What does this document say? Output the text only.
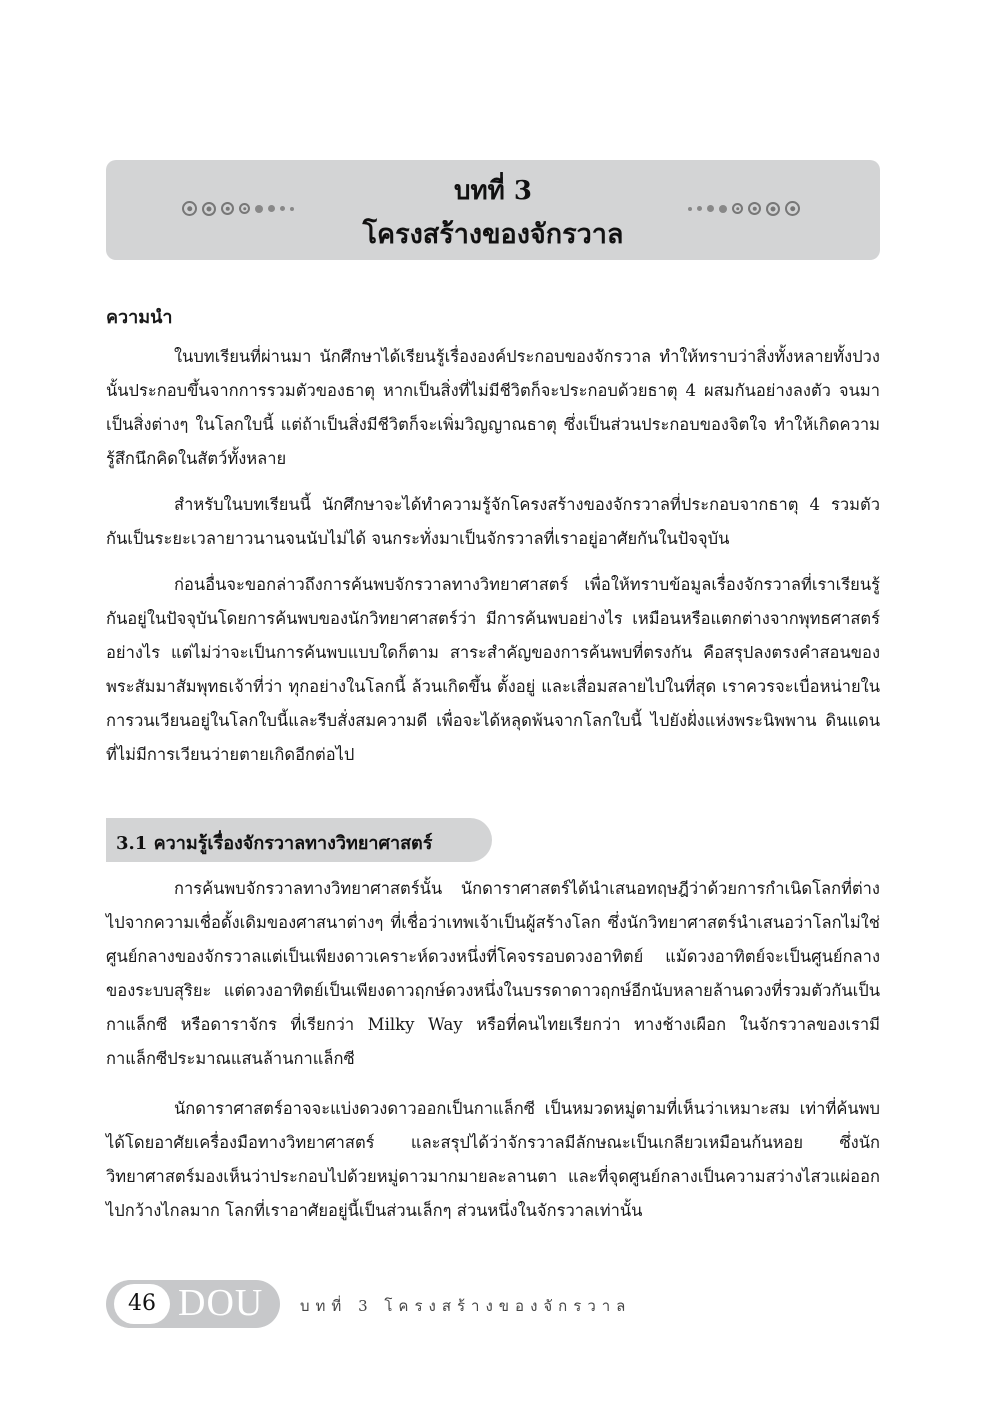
บทที่ 3
โครงสร้างของจักรวาล
ความนำ

ในบทเรียนที่ผ่านมา นักศึกษาได้เรียนรู้เรื่ององค์ประกอบของจักรวาล ทำให้ทราบว่าสิ่งทั้งหลายทั้งปวงนั้นประกอบขึ้นจากการรวมตัวของธาตุ หากเป็นสิ่งที่ไม่มีชีวิตก็จะประกอบด้วยธาตุ 4 ผสมกันอย่างลงตัว จนมาเป็นสิ่งต่างๆ ในโลกใบนี้ แต่ถ้าเป็นสิ่งมีชีวิตก็จะเพิ่มวิญญาณธาตุ ซึ่งเป็นส่วนประกอบของจิตใจ ทำให้เกิดความรู้สึกนึกคิดในสัตว์ทั้งหลาย

สำหรับในบทเรียนนี้ นักศึกษาจะได้ทำความรู้จักโครงสร้างของจักรวาลที่ประกอบจากธาตุ 4 รวมตัวกันเป็นระยะเวลายาวนานจนนับไม่ได้ จนกระทั่งมาเป็นจักรวาลที่เราอยู่อาศัยกันในปัจจุบัน

ก่อนอื่นจะขอกล่าวถึงการค้นพบจักรวาลทางวิทยาศาสตร์ เพื่อให้ทราบข้อมูลเรื่องจักรวาลที่เราเรียนรู้กันอยู่ในปัจจุบันโดยการค้นพบของนักวิทยาศาสตร์ว่า มีการค้นพบอย่างไร เหมือนหรือแตกต่างจากพุทธศาสตร์อย่างไร แต่ไม่ว่าจะเป็นการค้นพบแบบใดก็ตาม สาระสำคัญของการค้นพบที่ตรงกัน คือสรุปลงตรงคำสอนของพระสัมมาสัมพุทธเจ้าที่ว่า ทุกอย่างในโลกนี้ ล้วนเกิดขึ้น ตั้งอยู่ และเสื่อมสลายไปในที่สุด เราควรจะเบื่อหน่ายในการวนเวียนอยู่ในโลกใบนี้และรีบสั่งสมความดี เพื่อจะได้หลุดพ้นจากโลกใบนี้ ไปยังฝั่งแห่งพระนิพพาน ดินแดนที่ไม่มีการเวียนว่ายตายเกิดอีกต่อไป

3.1 ความรู้เรื่องจักรวาลทางวิทยาศาสตร์

การค้นพบจักรวาลทางวิทยาศาสตร์นั้น นักดาราศาสตร์ได้นำเสนอทฤษฎีว่าด้วยการกำเนิดโลกที่ต่างไปจากความเชื่อดั้งเดิมของศาสนาต่างๆ ที่เชื่อว่าเทพเจ้าเป็นผู้สร้างโลก ซึ่งนักวิทยาศาสตร์นำเสนอว่าโลกไม่ใช่ศูนย์กลางของจักรวาลแต่เป็นเพียงดาวเคราะห์ดวงหนึ่งที่โคจรรอบดวงอาทิตย์ แม้ดวงอาทิตย์จะเป็นศูนย์กลางของระบบสุริยะ แต่ดวงอาทิตย์เป็นเพียงดาวฤกษ์ดวงหนึ่งในบรรดาดาวฤกษ์อีกนับหลายล้านดวงที่รวมตัวกันเป็นกาแล็กซี หรือดาราจักร ที่เรียกว่า Milky Way หรือที่คนไทยเรียกว่า ทางช้างเผือก ในจักรวาลของเรามีกาแล็กซีประมาณแสนล้านกาแล็กซี

นักดาราศาสตร์อาจจะแบ่งดวงดาวออกเป็นกาแล็กซี เป็นหมวดหมู่ตามที่เห็นว่าเหมาะสม เท่าที่ค้นพบได้โดยอาศัยเครื่องมือทางวิทยาศาสตร์ และสรุปได้ว่าจักรวาลมีลักษณะเป็นเกลียวเหมือนก้นหอย ซึ่งนักวิทยาศาสตร์มองเห็นว่าประกอบไปด้วยหมู่ดาวมากมายละลานตา และที่จุดศูนย์กลางเป็นความสว่างไสวแผ่ออกไปกว้างไกลมาก โลกที่เราอาศัยอยู่นี้เป็นส่วนเล็กๆ ส่วนหนึ่งในจักรวาลเท่านั้น

46 DOU บทที่ 3 โครงสร้างของจักรวาล
